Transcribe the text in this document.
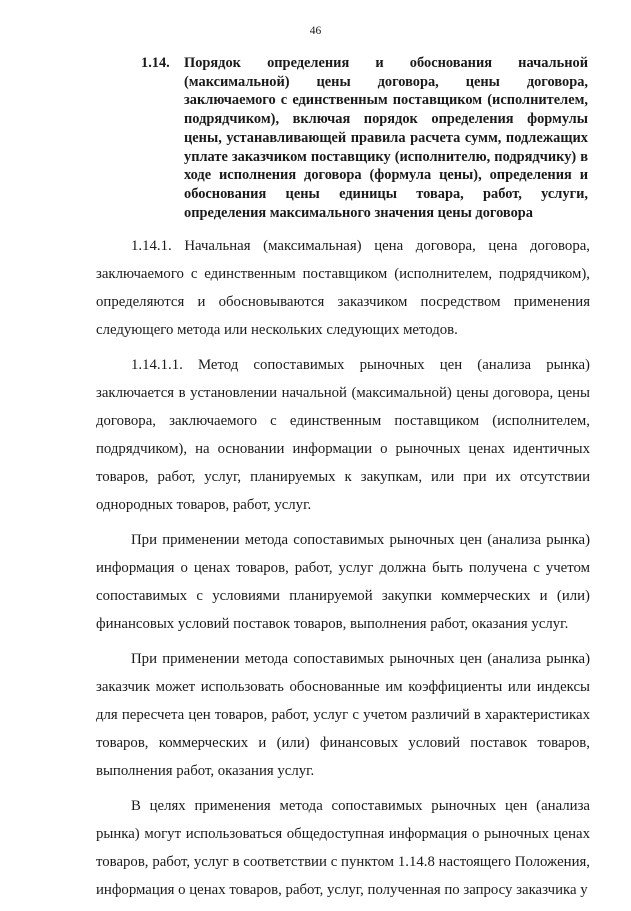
46
1.14. Порядок определения и обоснования начальной (максимальной) цены договора, цены договора, заключаемого с единственным поставщиком (исполнителем, подрядчиком), включая порядок определения формулы цены, устанавливающей правила расчета сумм, подлежащих уплате заказчиком поставщику (исполнителю, подрядчику) в ходе исполнения договора (формула цены), определения и обоснования цены единицы товара, работ, услуги, определения максимального значения цены договора

1.14.1. Начальная (максимальная) цена договора, цена договора, заключаемого с единственным поставщиком (исполнителем, подрядчиком), определяются и обосновываются заказчиком посредством применения следующего метода или нескольких следующих методов.

1.14.1.1. Метод сопоставимых рыночных цен (анализа рынка) заключается в установлении начальной (максимальной) цены договора, цены договора, заключаемого с единственным поставщиком (исполнителем, подрядчиком), на основании информации о рыночных ценах идентичных товаров, работ, услуг, планируемых к закупкам, или при их отсутствии однородных товаров, работ, услуг.

При применении метода сопоставимых рыночных цен (анализа рынка) информация о ценах товаров, работ, услуг должна быть получена с учетом сопоставимых с условиями планируемой закупки коммерческих и (или) финансовых условий поставок товаров, выполнения работ, оказания услуг.

При применении метода сопоставимых рыночных цен (анализа рынка) заказчик может использовать обоснованные им коэффициенты или индексы для пересчета цен товаров, работ, услуг с учетом различий в характеристиках товаров, коммерческих и (или) финансовых условий поставок товаров, выполнения работ, оказания услуг.

В целях применения метода сопоставимых рыночных цен (анализа рынка) могут использоваться общедоступная информация о рыночных ценах товаров, работ, услуг в соответствии с пунктом 1.14.8 настоящего Положения, информация о ценах товаров, работ, услуг, полученная по запросу заказчика у
